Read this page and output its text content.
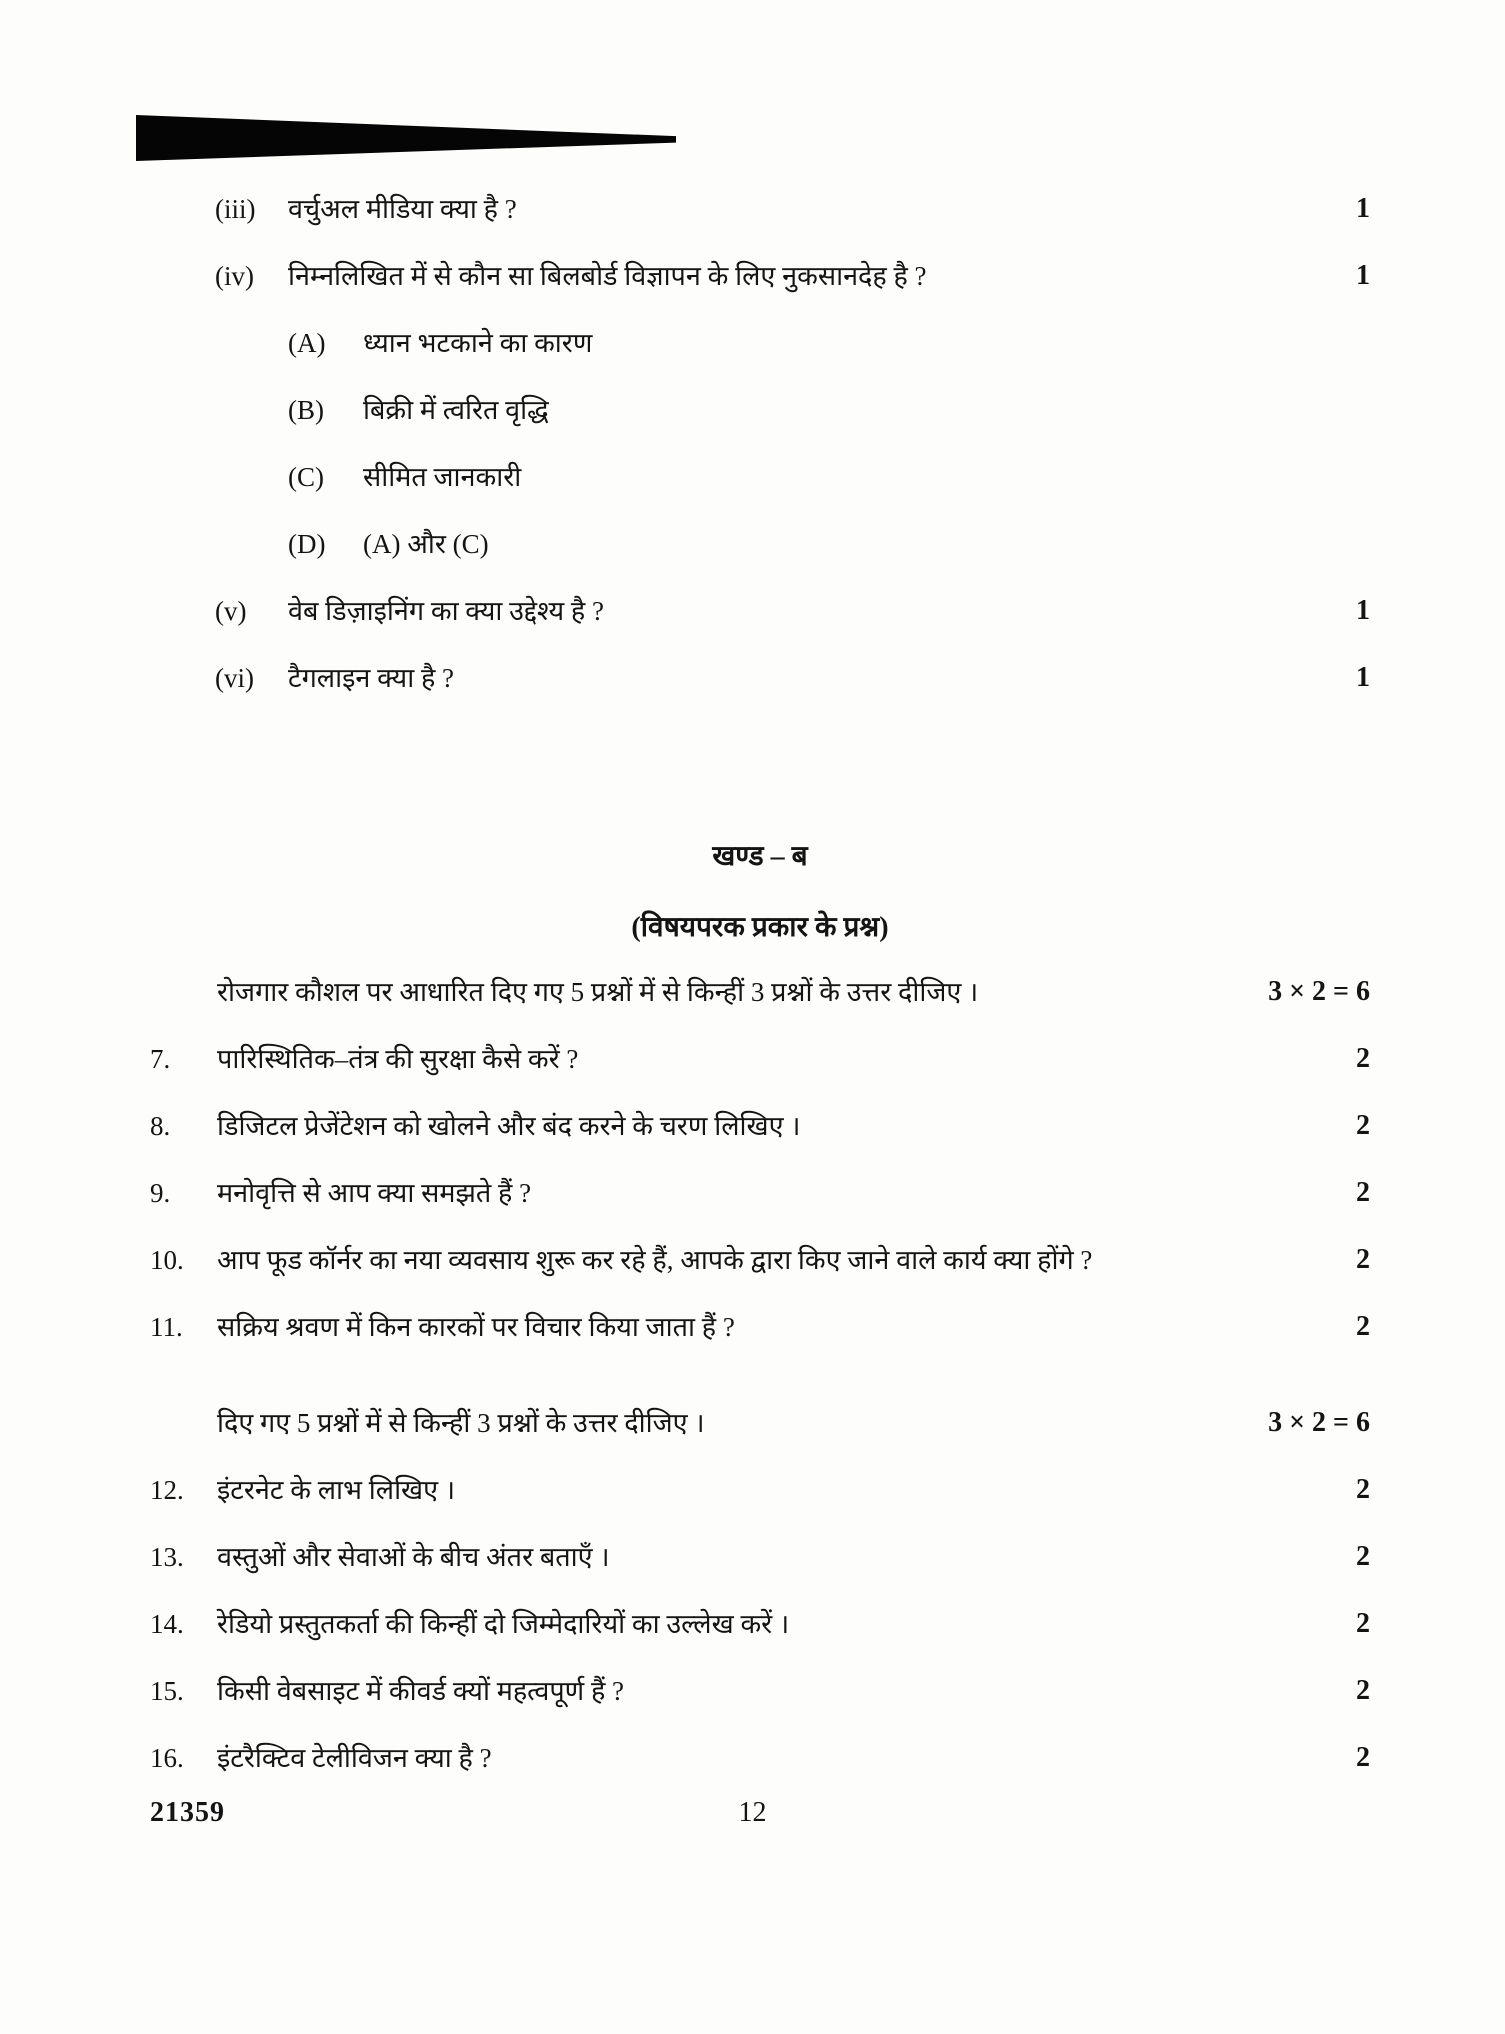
(iii)	वर्चुअल मीडिया क्या है ?	1
(iv)	निम्नलिखित में से कौन सा बिलबोर्ड विज्ञापन के लिए नुकसानदेह है ?	1
(A)	ध्यान भटकाने का कारण
(B)	बिक्री में त्वरित वृद्धि
(C)	सीमित जानकारी
(D)	(A) और (C)
(v)	वेब डिज़ाइनिंग का क्या उद्देश्य है ?	1
(vi)	टैगलाइन क्या है ?	1
खण्ड – ब
(विषयपरक प्रकार के प्रश्न)
रोजगार कौशल पर आधारित दिए गए 5 प्रश्नों में से किन्हीं 3 प्रश्नों के उत्तर दीजिए ।	3 × 2 = 6
7.	पारिस्थितिक–तंत्र की सुरक्षा कैसे करें ?	2
8.	डिजिटल प्रेजेंटेशन को खोलने और बंद करने के चरण लिखिए ।	2
9.	मनोवृत्ति से आप क्या समझते हैं ?	2
10.	आप फूड कॉर्नर का नया व्यवसाय शुरू कर रहे हैं, आपके द्वारा किए जाने वाले कार्य क्या होंगे ?	2
11.	सक्रिय श्रवण में किन कारकों पर विचार किया जाता हैं ?	2
दिए गए 5 प्रश्नों में से किन्हीं 3 प्रश्नों के उत्तर दीजिए ।	3 × 2 = 6
12.	इंटरनेट के लाभ लिखिए ।	2
13.	वस्तुओं और सेवाओं के बीच अंतर बताएँ ।	2
14.	रेडियो प्रस्तुतकर्ता की किन्हीं दो जिम्मेदारियों का उल्लेख करें ।	2
15.	किसी वेबसाइट में कीवर्ड क्यों महत्वपूर्ण हैं ?	2
16.	इंटरैक्टिव टेलीविजन क्या है ?	2
21359	12
